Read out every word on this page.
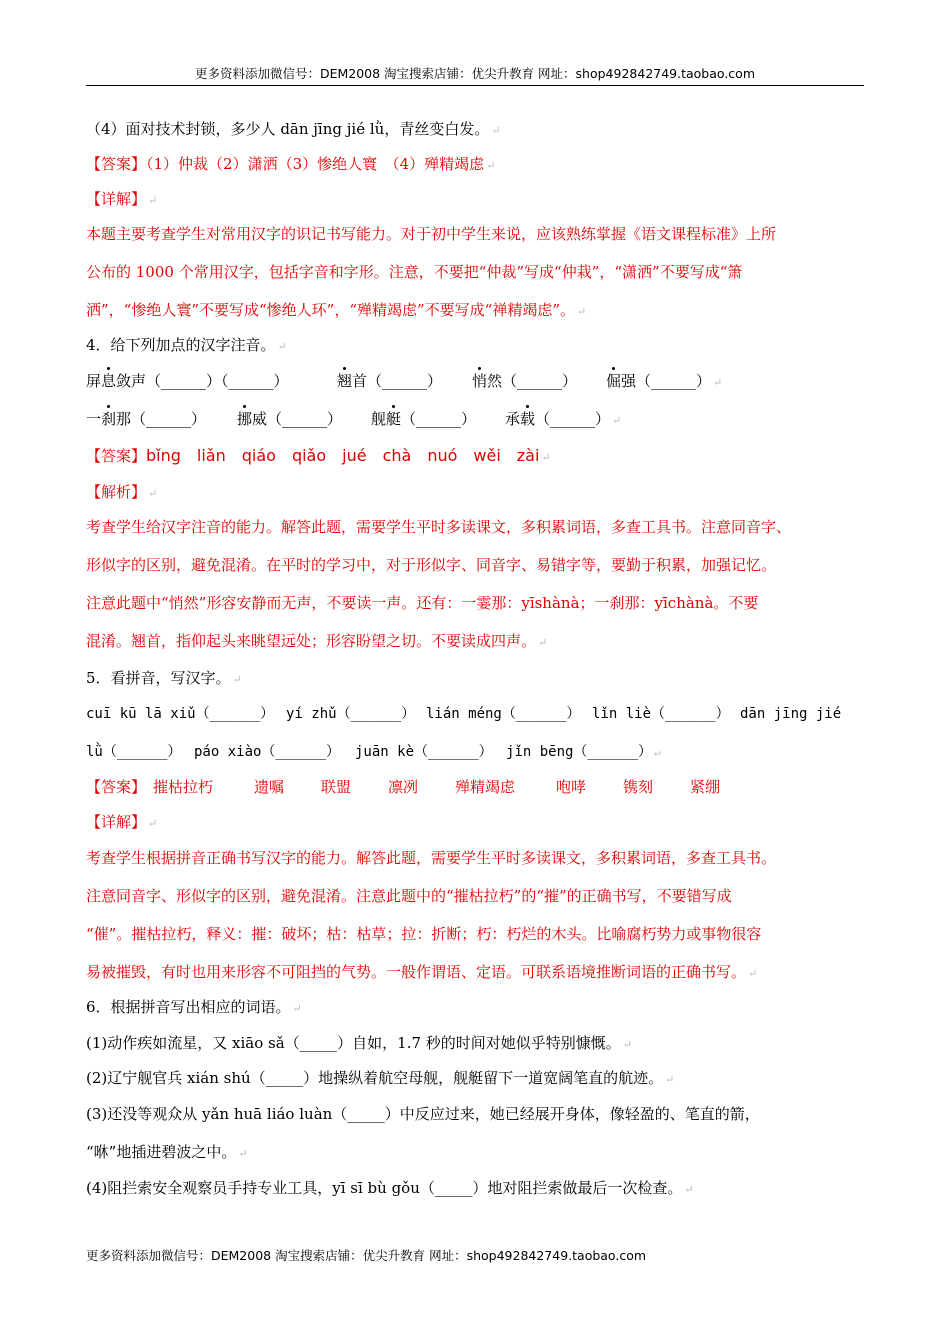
更多资料添加微信号：DEM2008 淘宝搜索店铺：优尖升教育 网址：shop492842749.taobao.com
（4）面对技术封锁，多少人 dān jīng jié lǜ，青丝变白发。 ↵
【答案】（1）仲裁（2）潇洒（3）惨绝人寰　（4）殚精竭虑 ↵
【详解】 ↵
本题主要考查学生对常用汉字的识记书写能力。对于初中学生来说，应该熟练掌握《语文课程标准》上所
公布的 1000 个常用汉字，包括字音和字形。注意，不要把“仲裁”写成“仲栽”，“潇洒”不要写成“箫
洒”，“惨绝人寰”不要写成“惨绝人环”，“殚精竭虑”不要写成“禅精竭虑”。 ↵
4．给下列加点的汉字注音。 ↵
屏息敛声（______）（______）	翘首（______） 悄然（______） 倔强（______） ↵
一刹那（______） 挪威（______） 舰艇（______） 承载（______） ↵
【答案】bǐng　liǎn　qiáo　qiǎo　jué　chà　nuó　wěi　zài ↵
【解析】 ↵
考查学生给汉字注音的能力。解答此题，需要学生平时多读课文，多积累词语，多查工具书。注意同音字、
形似字的区别，避免混淆。在平时的学习中，对于形似字、同音字、易错字等，要勤于积累，加强记忆。
注意此题中“悄然”形容安静而无声，不要读一声。还有：一霎那：yīshànà；一刹那：yīchànà。不要
混淆。翘首，指仰起头来眺望远处；形容盼望之切。不要读成四声。 ↵
5．看拼音，写汉字。 ↵
cuī kū lā xiǔ（______） yí zhǔ（______） lián méng（______） lǐn liè（______） dān jīng jié
lǜ（______） páo xiào（______） juān kè（______） jǐn bēng（______） ↵
【答案】 摧枯拉朽	遗嘱 联盟 凛冽 殚精竭虑	咆哮 镌刻 紧绷
【详解】 ↵
考查学生根据拼音正确书写汉字的能力。解答此题，需要学生平时多读课文，多积累词语，多查工具书。
注意同音字、形似字的区别，避免混淆。注意此题中的“摧枯拉朽”的“摧”的正确书写，不要错写成
“催”。摧枯拉朽，释义：摧：破坏；枯：枯草；拉：折断；朽：朽烂的木头。比喻腐朽势力或事物很容
易被摧毁，有时也用来形容不可阻挡的气势。一般作谓语、定语。可联系语境推断词语的正确书写。 ↵
6．根据拼音写出相应的词语。 ↵
(1)动作疾如流星，又 xiāo sǎ（_____）自如，1.7 秒的时间对她似乎特别慷慨。 ↵
(2)辽宁舰官兵 xián shú（_____）地操纵着航空母舰，舰艇留下一道宽阔笔直的航迹。 ↵
(3)还没等观众从 yǎn huā liáo luàn（_____）中反应过来，她已经展开身体，像轻盈的、笔直的箭，
“咻”地插进碧波之中。 ↵
(4)阻拦索安全观察员手持专业工具，yī sī bù gǒu（_____）地对阻拦索做最后一次检查。 ↵
更多资料添加微信号：DEM2008 淘宝搜索店铺：优尖升教育 网址：shop492842749.taobao.com
